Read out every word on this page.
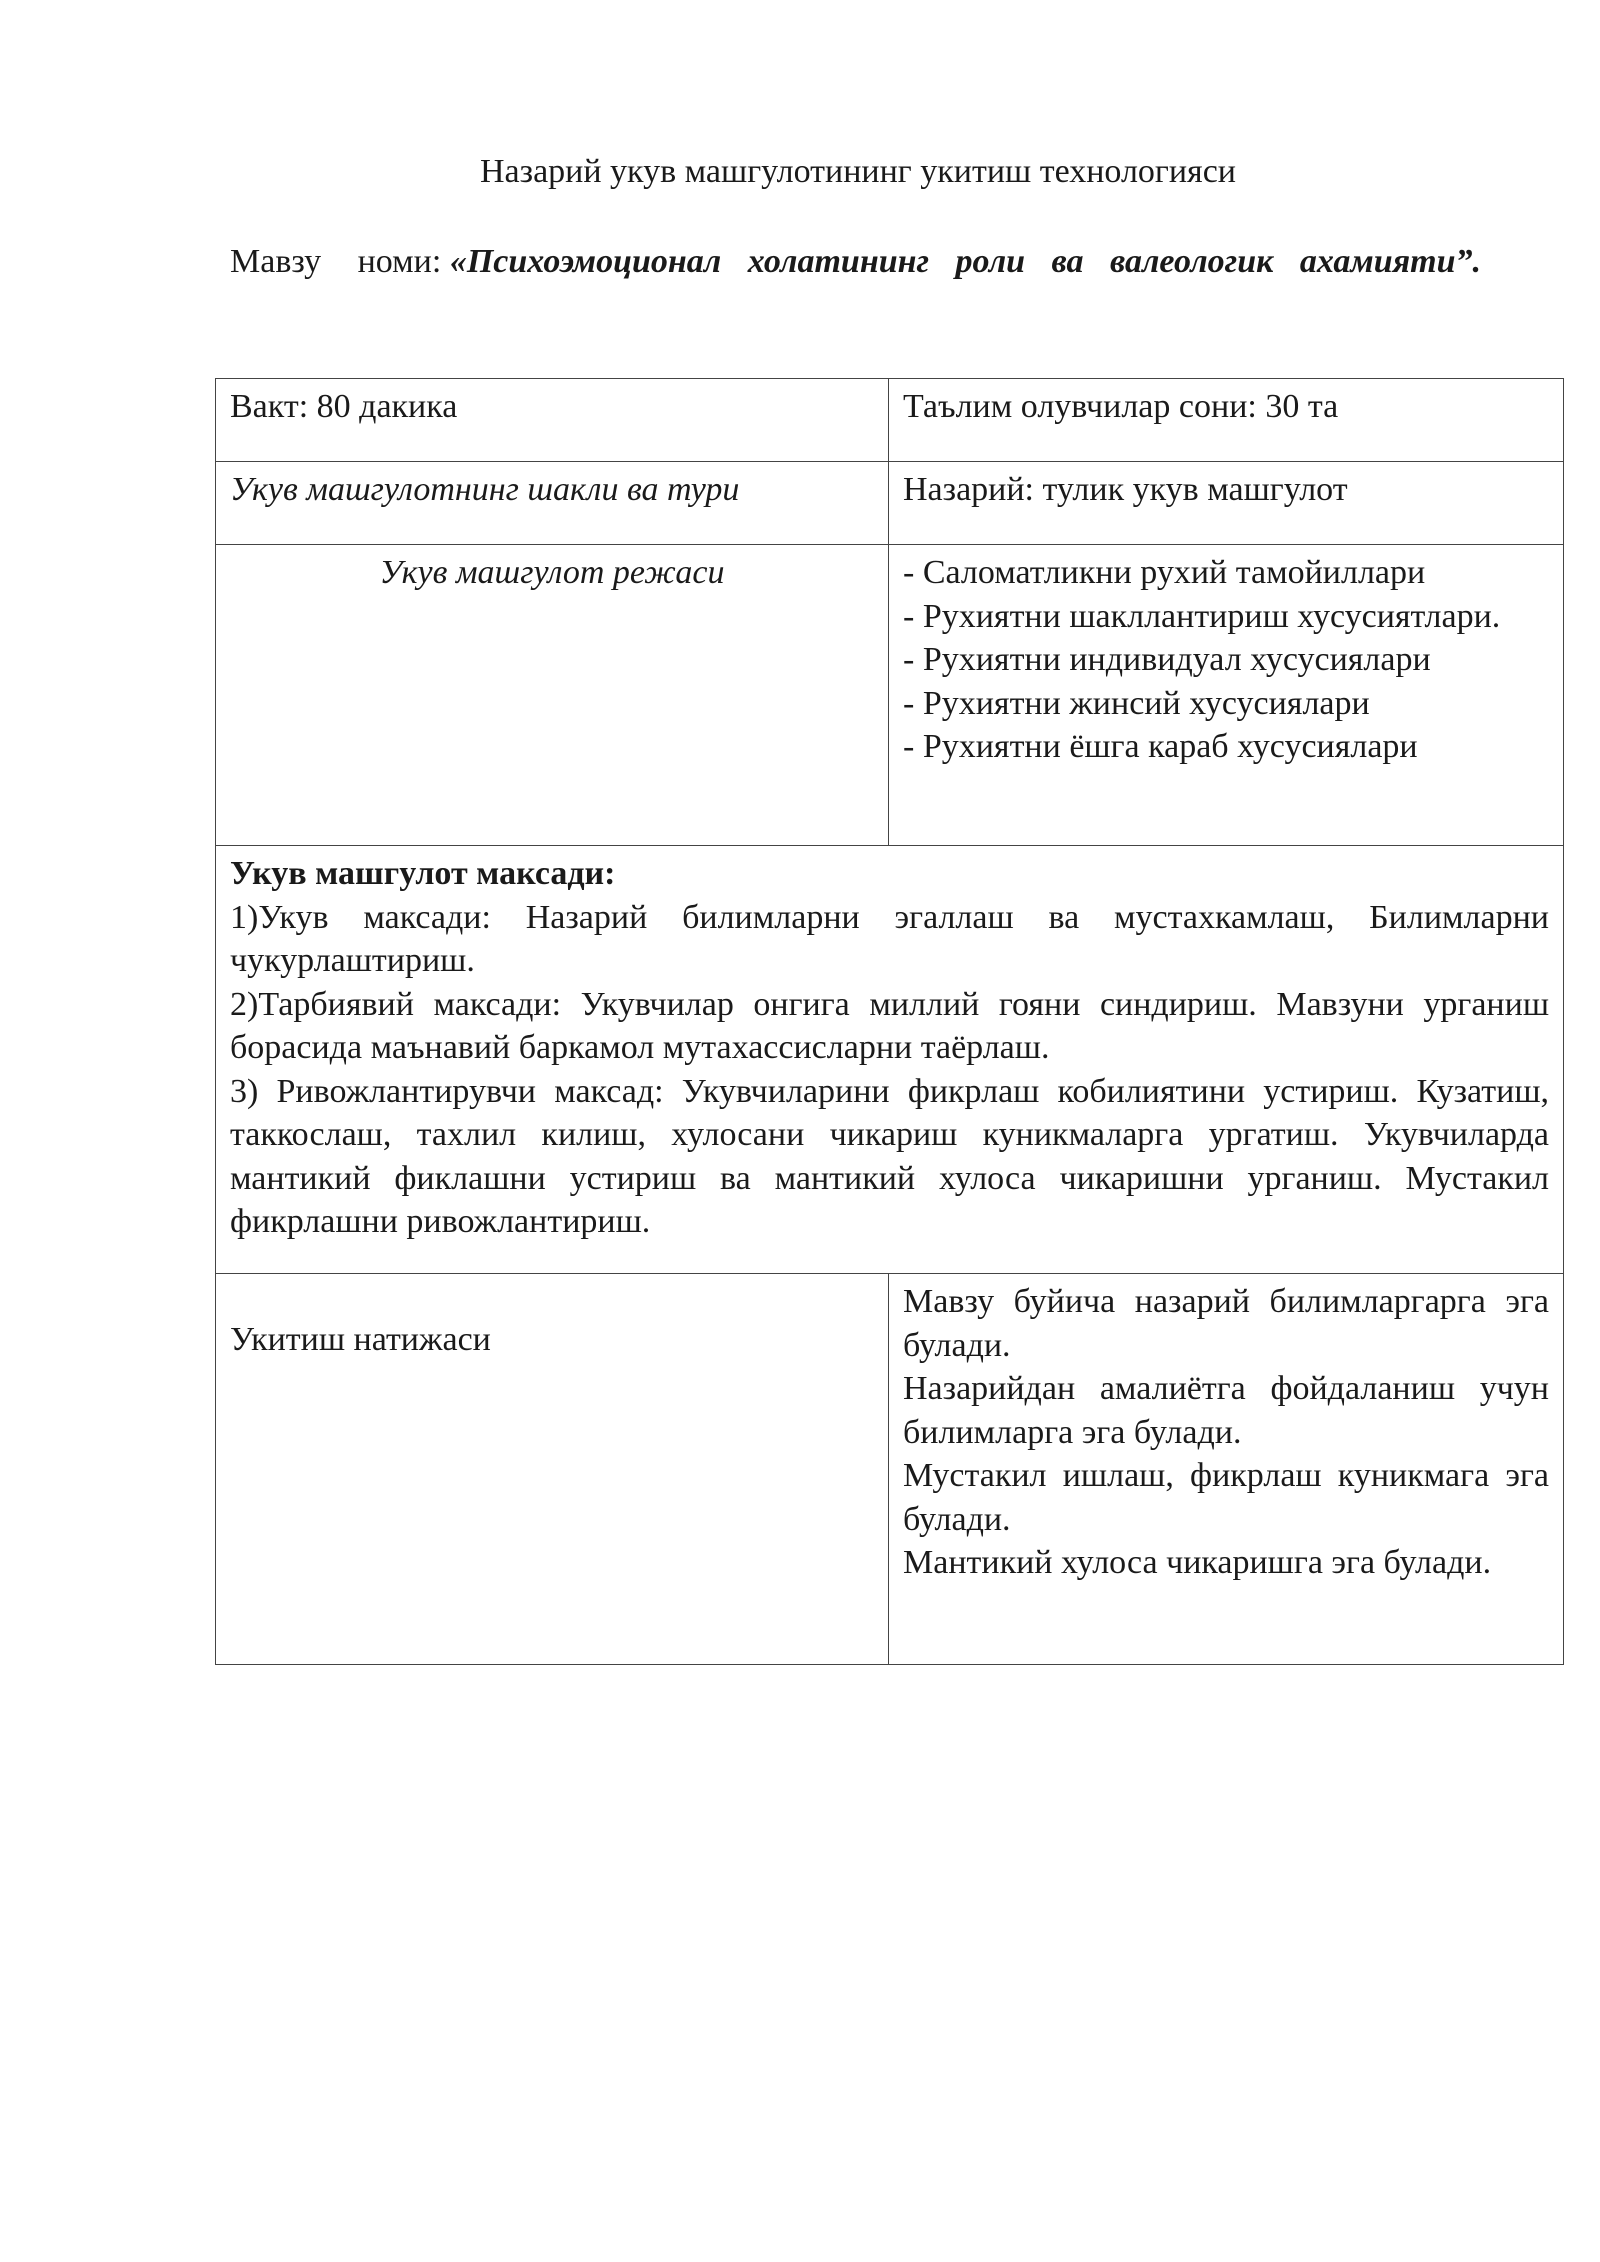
Назарий укув машгулотининг укитиш технологияси
Мавзу номи: «Психоэмоционал холатининг роли ва валеологик ахамияти”.
Вакт: 80 дакика	Таълим олувчилар сони: 30 та
Укув машгулотнинг шакли ва тури	Назарий: тулик укув машгулот
Укув машгулот режаси	- Саломатликни рухий тамойиллари
- Рухиятни шакллантириш хусусиятлари.
- Рухиятни индивидуал хусусиялари
- Рухиятни жинсий хусусиялари
- Рухиятни ёшга караб хусусиялари

Укув машгулот максади:
1)Укув максади: Назарий билимларни эгаллаш ва мустахкамлаш, Билимларни чукурлаштириш.
2)Тарбиявий максади: Укувчилар онгига миллий гояни синдириш. Мавзуни урганиш борасида маънавий баркамол мутахассисларни таёрлаш.
3) Ривожлантирувчи максад: Укувчиларини фикрлаш кобилиятини устириш. Кузатиш, таккослаш, тахлил килиш, хулосани чикариш куникмаларга ургатиш. Укувчиларда мантикий фиклашни устириш ва мантикий хулоса чикаришни урганиш. Мустакил фикрлашни ривожлантириш.	

Укитиш натижаси	Мавзу буйича назарий билимларгарга эга булади.
Назарийдан амалиётга фойдаланиш учун билимларга эга булади.
Мустакил ишлаш, фикрлаш куникмага эга булади.
Мантикий хулоса чикаришга эга булади.
